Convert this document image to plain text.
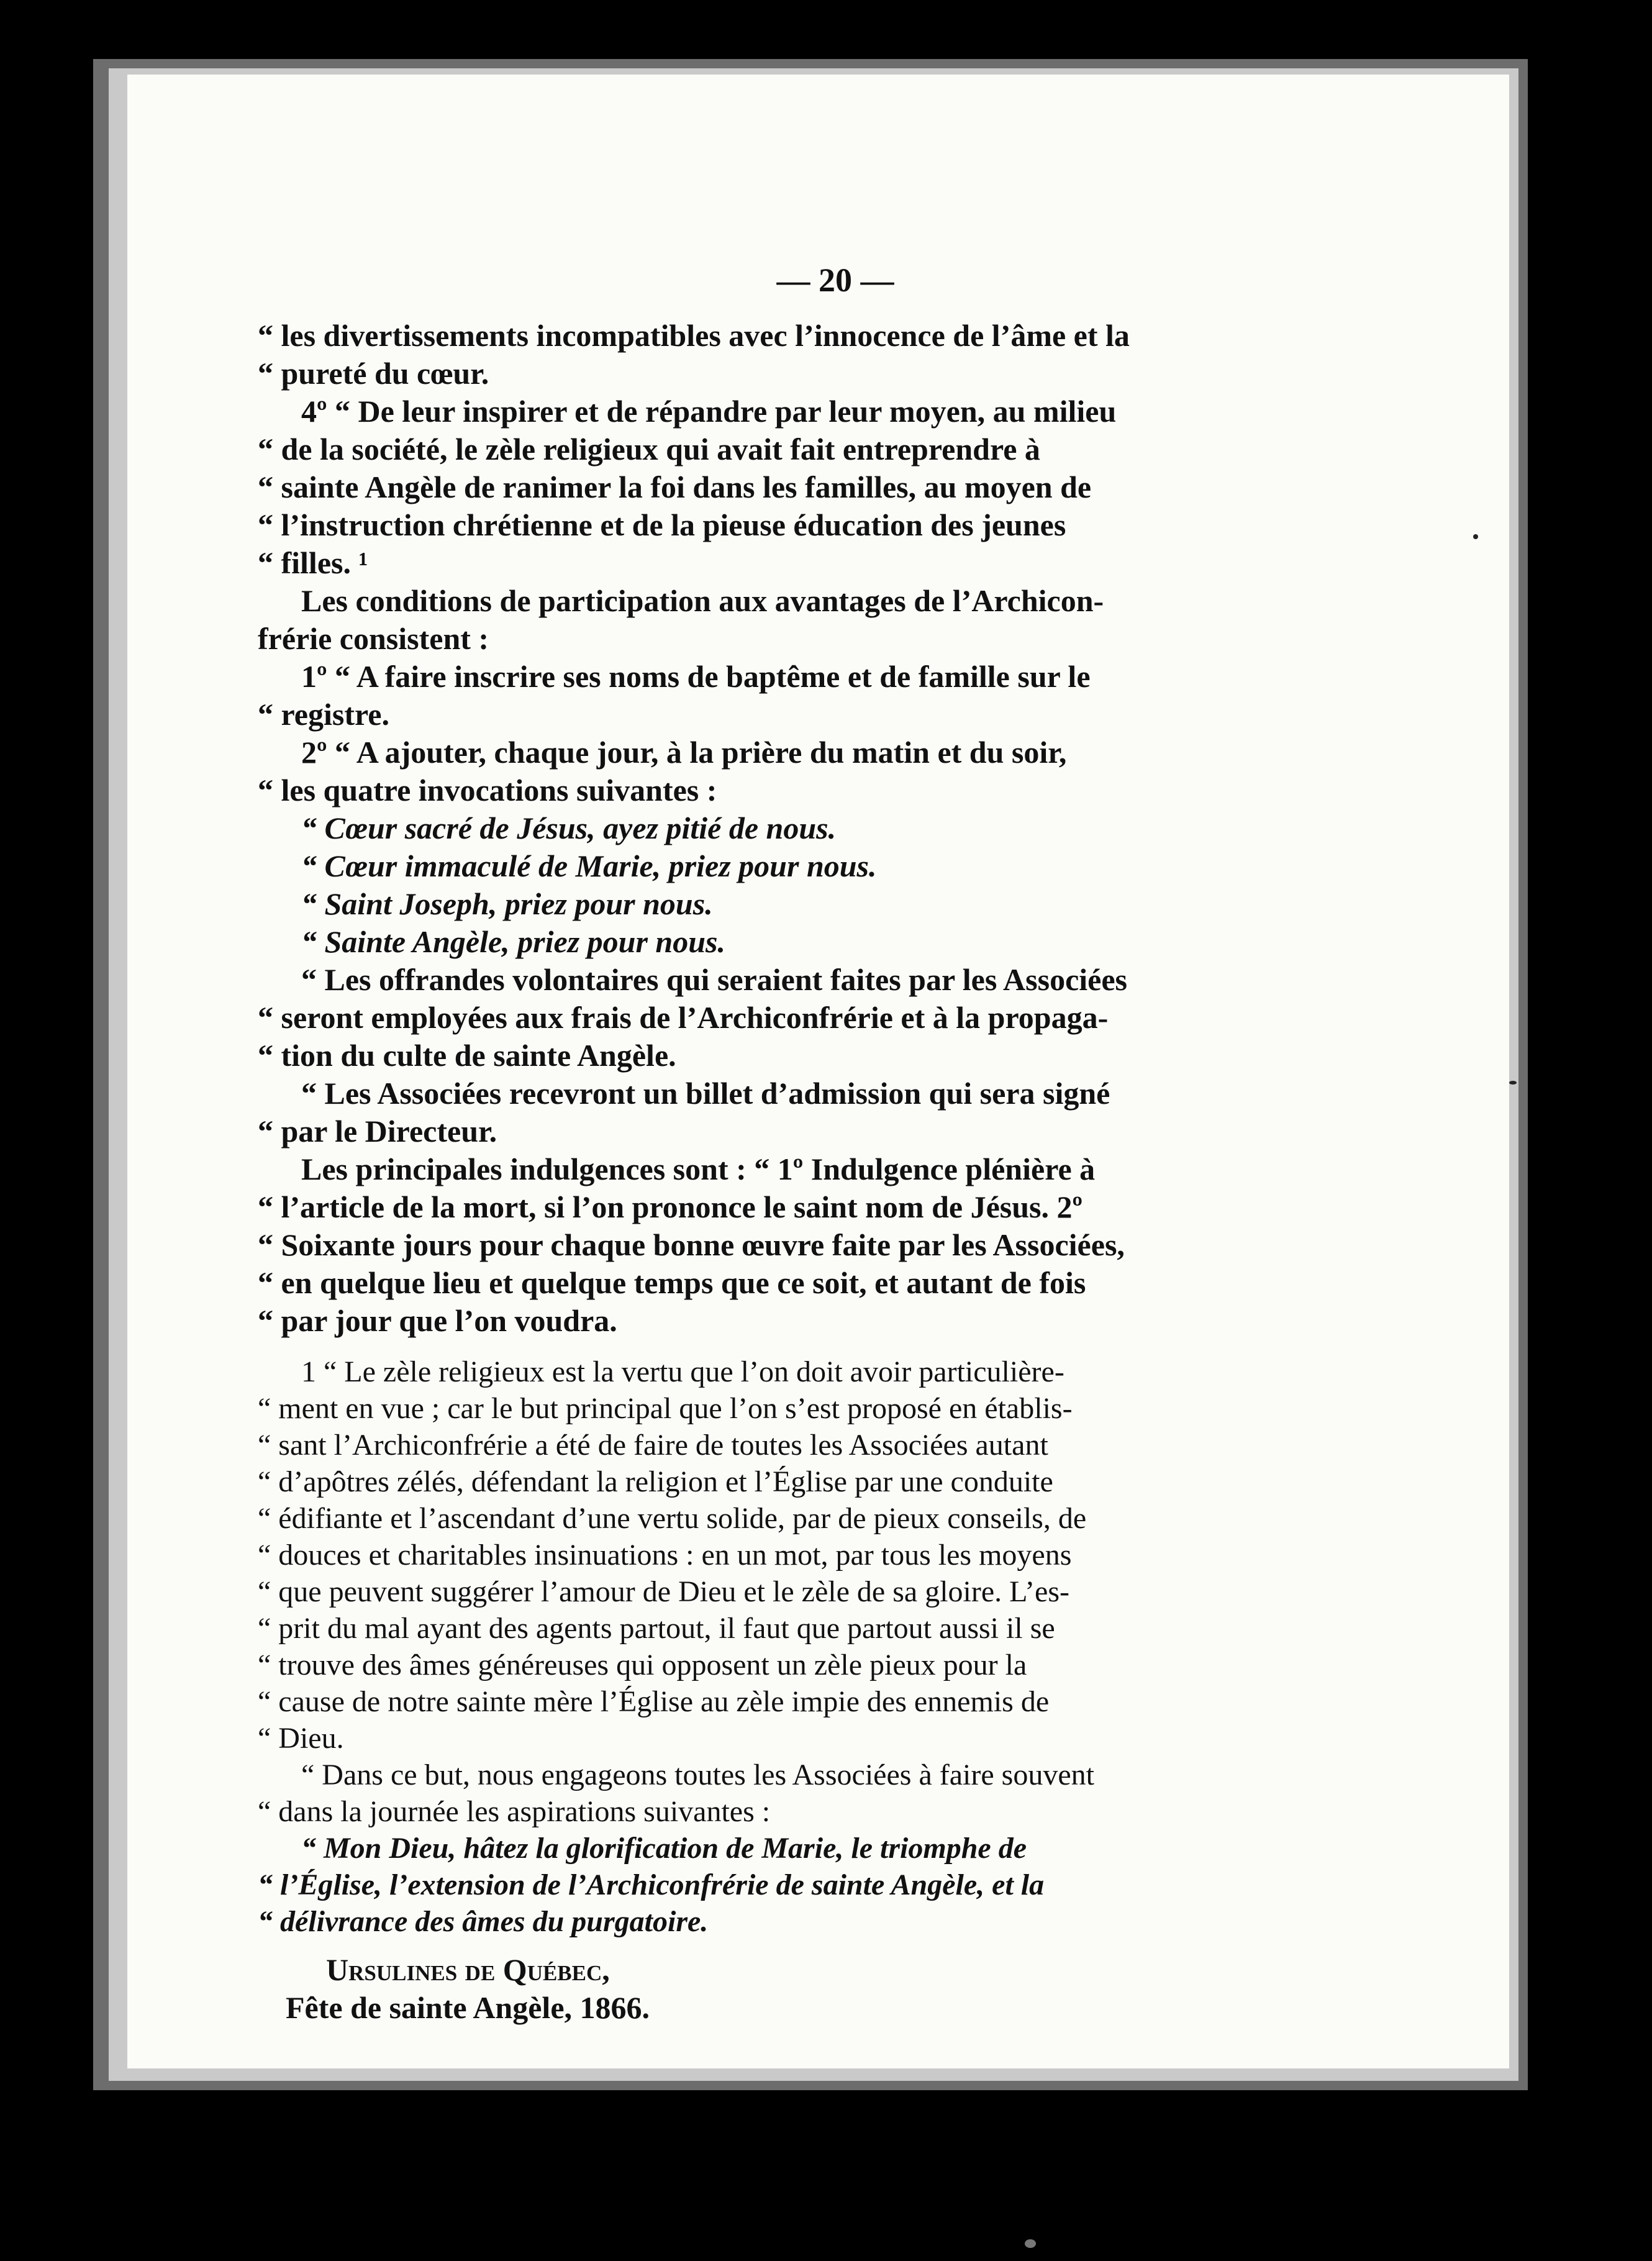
— 20 —
“ les divertissements incompatibles avec l’innocence de l’âme et la
“ pureté du cœur.
4º “ De leur inspirer et de répandre par leur moyen, au milieu
“ de la société, le zèle religieux qui avait fait entreprendre à
“ sainte Angèle de ranimer la foi dans les familles, au moyen de
“ l’instruction chrétienne et de la pieuse éducation des jeunes
“ filles. ¹
Les conditions de participation aux avantages de l’Archicon-
frérie consistent :
1º “ A faire inscrire ses noms de baptême et de famille sur le
“ registre.
2º “ A ajouter, chaque jour, à la prière du matin et du soir,
“ les quatre invocations suivantes :
“ Cœur sacré de Jésus, ayez pitié de nous.
“ Cœur immaculé de Marie, priez pour nous.
“ Saint Joseph, priez pour nous.
“ Sainte Angèle, priez pour nous.
“ Les offrandes volontaires qui seraient faites par les Associées
“ seront employées aux frais de l’Archiconfrérie et à la propaga-
“ tion du culte de sainte Angèle.
“ Les Associées recevront un billet d’admission qui sera signé
“ par le Directeur.
Les principales indulgences sont : “ 1º Indulgence plénière à
“ l’article de la mort, si l’on prononce le saint nom de Jésus. 2º
“ Soixante jours pour chaque bonne œuvre faite par les Associées,
“ en quelque lieu et quelque temps que ce soit, et autant de fois
“ par jour que l’on voudra.
1 “ Le zèle religieux est la vertu que l’on doit avoir particulière-
“ ment en vue ; car le but principal que l’on s’est proposé en établis-
“ sant l’Archiconfrérie a été de faire de toutes les Associées autant
“ d’apôtres zélés, défendant la religion et l’Église par une conduite
“ édifiante et l’ascendant d’une vertu solide, par de pieux conseils, de
“ douces et charitables insinuations : en un mot, par tous les moyens
“ que peuvent suggérer l’amour de Dieu et le zèle de sa gloire. L’es-
“ prit du mal ayant des agents partout, il faut que partout aussi il se
“ trouve des âmes généreuses qui opposent un zèle pieux pour la
“ cause de notre sainte mère l’Église au zèle impie des ennemis de
“ Dieu.
“ Dans ce but, nous engageons toutes les Associées à faire souvent
“ dans la journée les aspirations suivantes :
“ Mon Dieu, hâtez la glorification de Marie, le triomphe de
“ l’Église, l’extension de l’Archiconfrérie de sainte Angèle, et la
“ délivrance des âmes du purgatoire.
Ursulines de Québec,
Fête de sainte Angèle, 1866.
